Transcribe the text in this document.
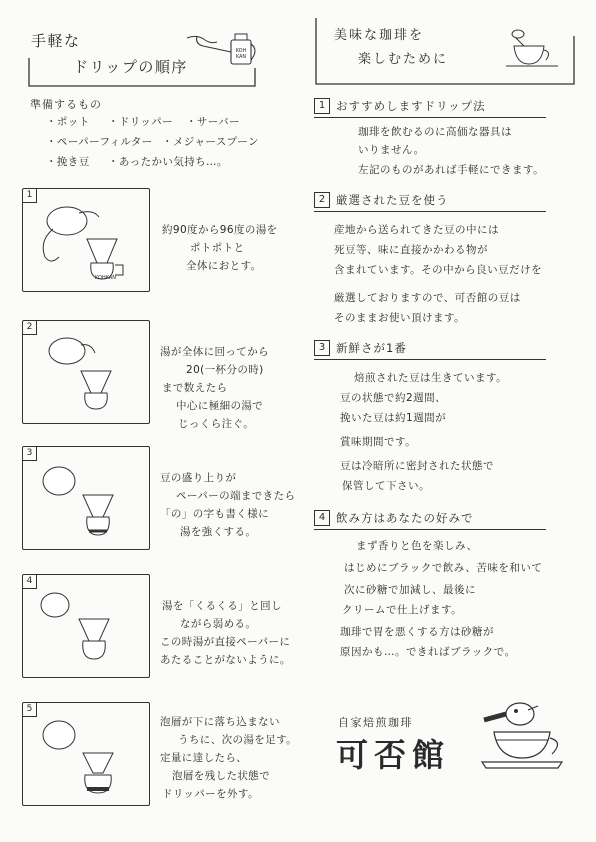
手軽な
ドリップの順序
KOH KAN
美味な珈琲を
楽しむために
準備するもの
・ポット ・ドリッパー ・サーバー
・ペーパーフィルター ・メジャースプーン
・挽き豆 ・あったかい気持ち…。
1
KOHKAN
約90度から96度の湯を
ポトポトと
全体におとす。
2
湯が全体に回ってから
20(一杯分の時)
まで数えたら
中心に極細の湯で
じっくら注ぐ。
3
豆の盛り上りが
ペーパーの端まできたら
「の」の字も書く様に
湯を強くする。
4
湯を「くるくる」と回し
ながら弱める。
この時湯が直接ペーパーに
あたることがないように。
5
泡層が下に落ち込まない
うちに、次の湯を足す。
定量に達したら、
泡層を残した状態で
ドリッパーを外す。
1 おすすめしますドリップ法
珈琲を飲むるのに高価な器具は
いりません。
左記のものがあれば手軽にできます。
2 厳選された豆を使う
産地から送られてきた豆の中には
死豆等、味に直接かかわる物が
含まれています。その中から良い豆だけを
厳選しておりますので、可否館の豆は
そのままお使い頂けます。
3 新鮮さが1番
焙煎された豆は生きています。
豆の状態で約2週間、
挽いた豆は約1週間が
賞味期間です。
豆は冷暗所に密封された状態で
保管して下さい。
4 飲み方はあなたの好みで
まず香りと色を楽しみ、
はじめにブラックで飲み、苦味を和いて
次に砂糖で加減し、最後に
クリームで仕上げます。
珈琲で胃を悪くする方は砂糖が
原因かも…。できればブラックで。
自家焙煎珈琲
可否館
